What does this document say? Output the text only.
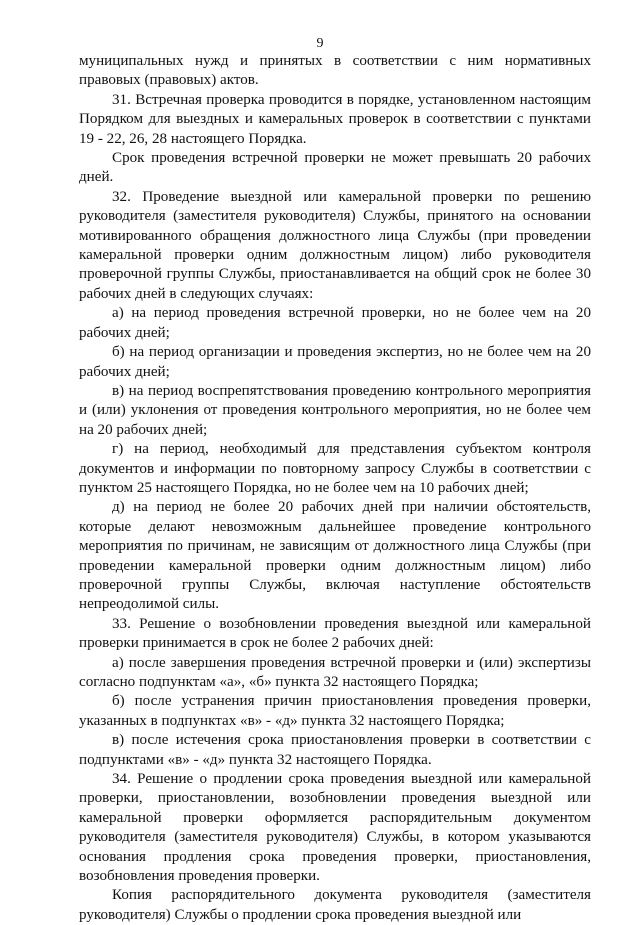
9

муниципальных нужд и принятых в соответствии с ним нормативных правовых (правовых) актов.

31. Встречная проверка проводится в порядке, установленном настоящим Порядком для выездных и камеральных проверок в соответствии с пунктами 19 - 22, 26, 28 настоящего Порядка.

Срок проведения встречной проверки не может превышать 20 рабочих дней.

32. Проведение выездной или камеральной проверки по решению руководителя (заместителя руководителя) Службы, принятого на основании мотивированного обращения должностного лица Службы (при проведении камеральной проверки одним должностным лицом) либо руководителя проверочной группы Службы, приостанавливается на общий срок не более 30 рабочих дней в следующих случаях:

а) на период проведения встречной проверки, но не более чем на 20 рабочих дней;

б) на период организации и проведения экспертиз, но не более чем на 20 рабочих дней;

в) на период воспрепятствования проведению контрольного мероприятия и (или) уклонения от проведения контрольного мероприятия, но не более чем на 20 рабочих дней;

г) на период, необходимый для представления субъектом контроля документов и информации по повторному запросу Службы в соответствии с пунктом 25 настоящего Порядка, но не более чем на 10 рабочих дней;

д) на период не более 20 рабочих дней при наличии обстоятельств, которые делают невозможным дальнейшее проведение контрольного мероприятия по причинам, не зависящим от должностного лица Службы (при проведении камеральной проверки одним должностным лицом) либо проверочной группы Службы, включая наступление обстоятельств непреодолимой силы.

33. Решение о возобновлении проведения выездной или камеральной проверки принимается в срок не более 2 рабочих дней:

а) после завершения проведения встречной проверки и (или) экспертизы согласно подпунктам «а», «б» пункта 32 настоящего Порядка;

б) после устранения причин приостановления проведения проверки, указанных в подпунктах «в» - «д» пункта 32 настоящего Порядка;

в) после истечения срока приостановления проверки в соответствии с подпунктами «в» - «д» пункта 32 настоящего Порядка.

34. Решение о продлении срока проведения выездной или камеральной проверки, приостановлении, возобновлении проведения выездной или камеральной проверки оформляется распорядительным документом руководителя (заместителя руководителя) Службы, в котором указываются основания продления срока проведения проверки, приостановления, возобновления проведения проверки.

Копия распорядительного документа руководителя (заместителя руководителя) Службы о продлении срока проведения выездной или
